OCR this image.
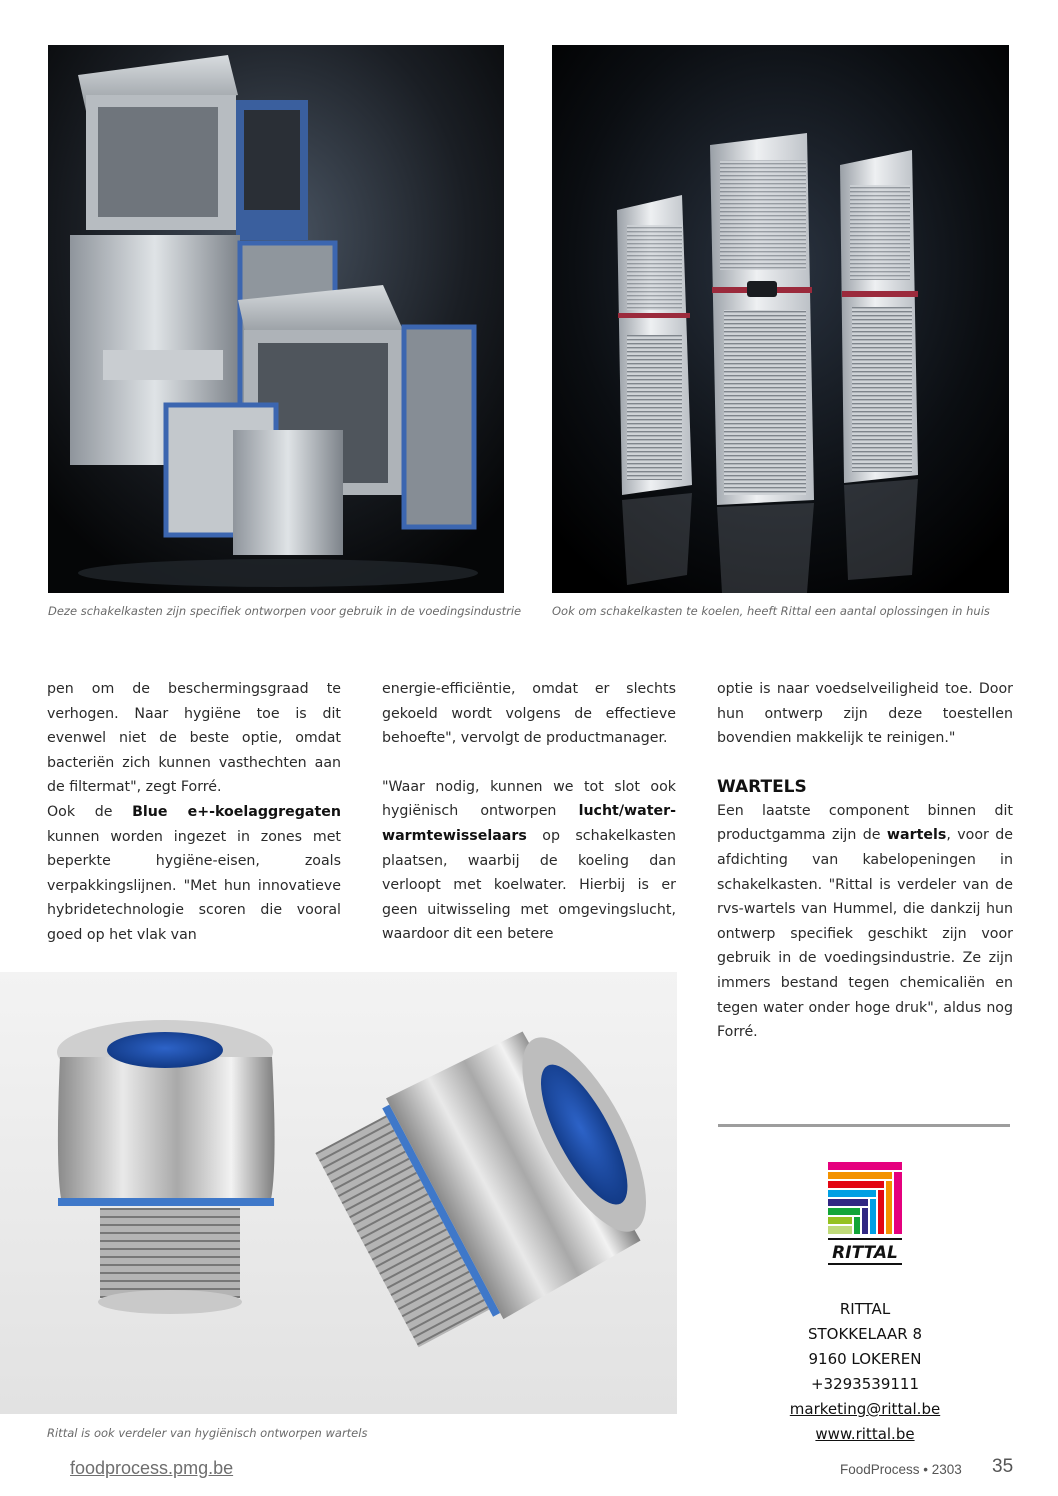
Deze schakelkasten zijn specifiek ontworpen voor gebruik in de voedingsindustrie	Ook om schakelkasten te koelen, heeft Rittal een aantal oplossingen in huis

pen om de beschermingsgraad te verhogen. Naar hygiëne toe is dit evenwel niet de beste optie, omdat bacteriën zich kunnen vasthechten aan de filtermat", zegt Forré.

Ook de Blue e+-koelaggregaten kunnen worden ingezet in zones met beperkte hygiëne-eisen, zoals verpakkingslijnen. "Met hun innovatieve hybridetechnologie scoren die vooral goed op het vlak van

energie-efficiëntie, omdat er slechts gekoeld wordt volgens de effectieve behoefte", vervolgt de productmanager.

"Waar nodig, kunnen we tot slot ook hygiënisch ontworpen lucht/water-warmtewisselaars op schakelkasten plaatsen, waarbij de koeling dan verloopt met koelwater. Hierbij is er geen uitwisseling met omgevingslucht, waardoor dit een betere

optie is naar voedselveiligheid toe. Door hun ontwerp zijn deze toestellen bovendien makkelijk te reinigen."

WARTELS

Een laatste component binnen dit productgamma zijn de wartels, voor de afdichting van kabelopeningen in schakelkasten. "Rittal is verdeler van de rvs-wartels van Hummel, die dankzij hun ontwerp specifiek geschikt zijn voor gebruik in de voedingsindustrie. Ze zijn immers bestand tegen chemicaliën en tegen water onder hoge druk", aldus nog Forré.

Rittal is ook verdeler van hygiënisch ontworpen wartels
RITTAL
RITTAL
STOKKELAAR 8
9160 LOKEREN
+3293539111
marketing@rittal.be
www.rittal.be
foodprocess.pmg.be	FoodProcess • 2303 35
